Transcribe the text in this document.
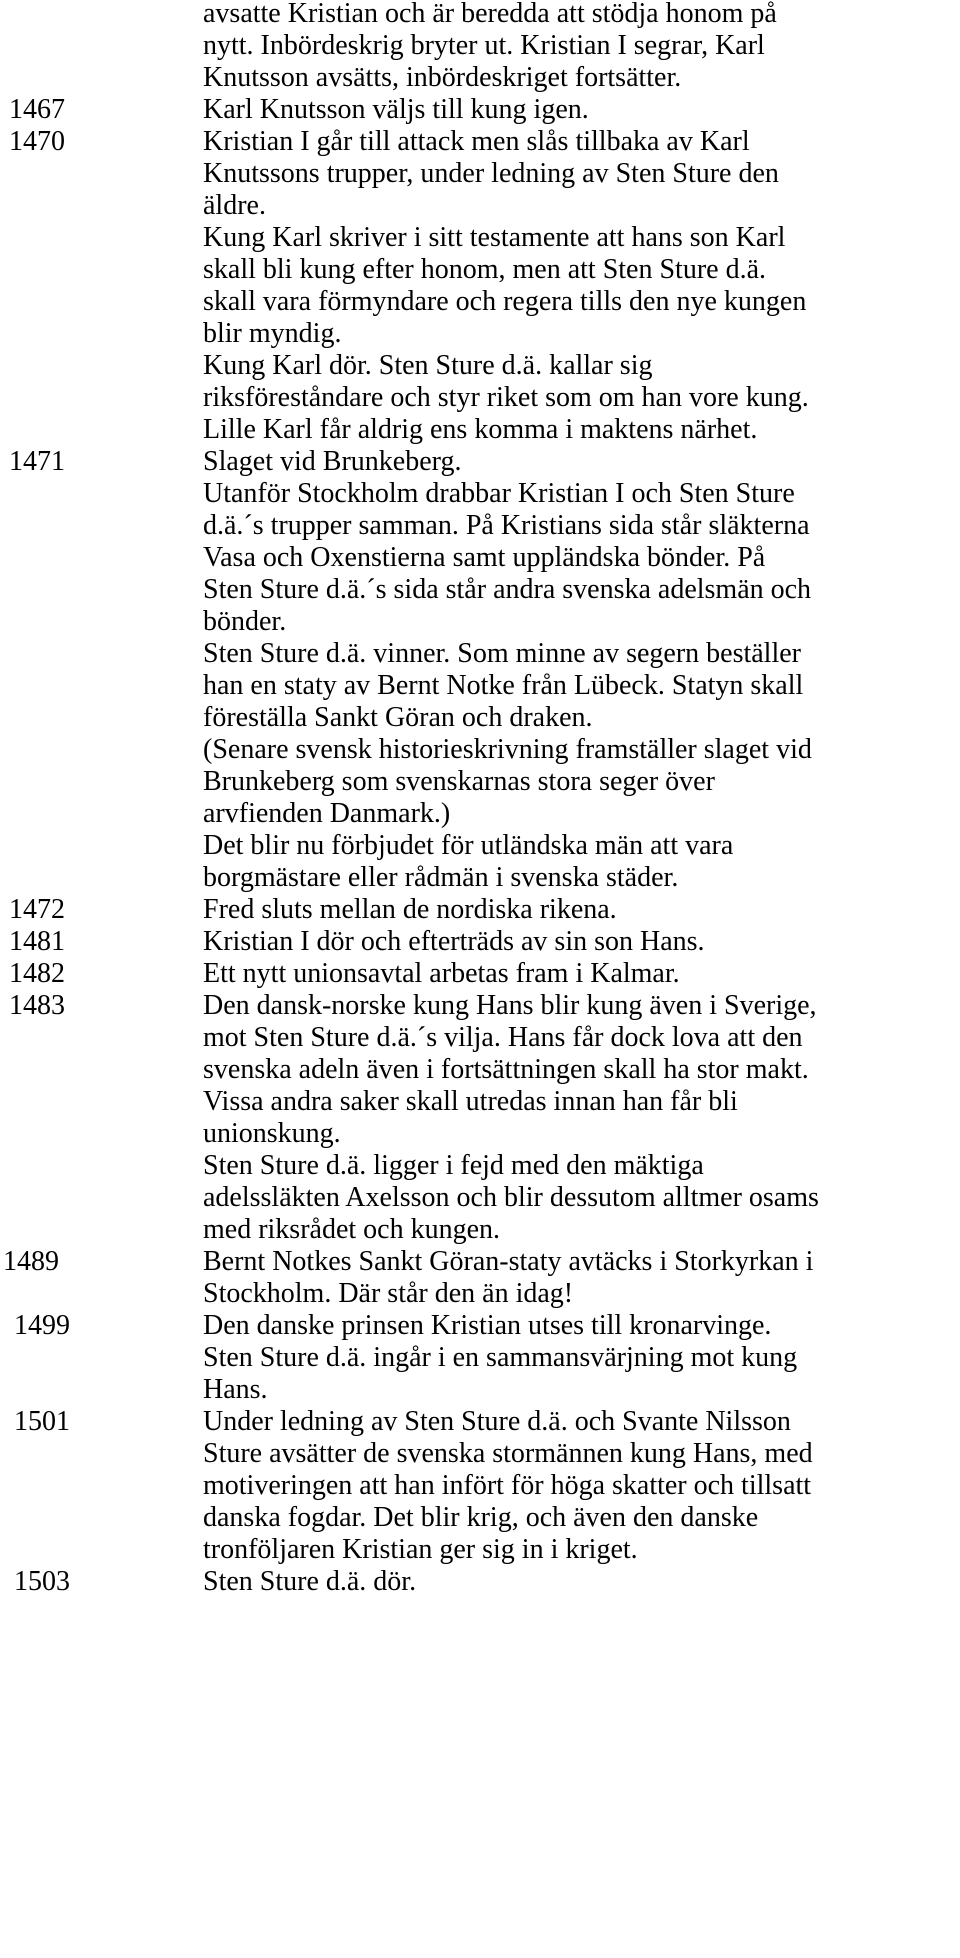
avsatte Kristian och är beredda att stödja honom på
nytt. Inbördeskrig bryter ut. Kristian I segrar, Karl
Knutsson avsätts, inbördeskriget fortsätter.
1467	Karl Knutsson väljs till kung igen.
1470	Kristian I går till attack men slås tillbaka av Karl
Knutssons trupper, under ledning av Sten Sture den
äldre.
Kung Karl skriver i sitt testamente att hans son Karl
skall bli kung efter honom, men att Sten Sture d.ä.
skall vara förmyndare och regera tills den nye kungen
blir myndig.
Kung Karl dör. Sten Sture d.ä. kallar sig
riksföreståndare och styr riket som om han vore kung.
Lille Karl får aldrig ens komma i maktens närhet.
1471	Slaget vid Brunkeberg.
Utanför Stockholm drabbar Kristian I och Sten Sture
d.ä.´s trupper samman. På Kristians sida står släkterna
Vasa och Oxenstierna samt uppländska bönder. På
Sten Sture d.ä.´s sida står andra svenska adelsmän och
bönder.
Sten Sture d.ä. vinner. Som minne av segern beställer
han en staty av Bernt Notke från Lübeck. Statyn skall
föreställa Sankt Göran och draken.
(Senare svensk historieskrivning framställer slaget vid
Brunkeberg som svenskarnas stora seger över
arvfienden Danmark.)
Det blir nu förbjudet för utländska män att vara
borgmästare eller rådmän i svenska städer.
1472	Fred sluts mellan de nordiska rikena.
1481	Kristian I dör och efterträds av sin son Hans.
1482	Ett nytt unionsavtal arbetas fram i Kalmar.
1483	Den dansk-norske kung Hans blir kung även i Sverige,
mot Sten Sture d.ä.´s vilja. Hans får dock lova att den
svenska adeln även i fortsättningen skall ha stor makt.
Vissa andra saker skall utredas innan han får bli
unionskung.
Sten Sture d.ä. ligger i fejd med den mäktiga
adelssläkten Axelsson och blir dessutom alltmer osams
med riksrådet och kungen.
1489	Bernt Notkes Sankt Göran-staty avtäcks i Storkyrkan i
Stockholm. Där står den än idag!
1499	Den danske prinsen Kristian utses till kronarvinge.
Sten Sture d.ä. ingår i en sammansvärjning mot kung
Hans.
1501	Under ledning av Sten Sture d.ä. och Svante Nilsson
Sture avsätter de svenska stormännen kung Hans, med
motiveringen att han infört för höga skatter och tillsatt
danska fogdar. Det blir krig, och även den danske
tronföljaren Kristian ger sig in i kriget.
1503	Sten Sture d.ä. dör.
